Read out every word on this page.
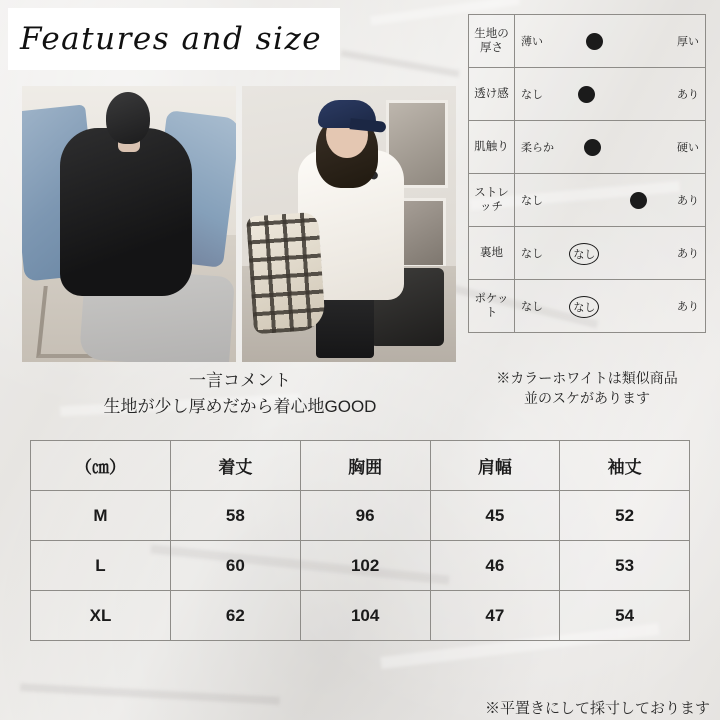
Features and size
一言コメント
生地が少し厚めだから着心地GOOD
生地の
厚さ	薄い	厚い

透け感	なし あり

肌触り	柔らか 硬い

ストレ
ッチ	なし	あり

裏地	なし なし あり

ポケッ
ト	なし	なし	あり
※カラーホワイトは類似商品
並のスケがあります
（㎝）	着丈	胸囲	肩幅	袖丈
M	58	96	45	52
L	60	102	46	53
XL	62	104	47	54
※平置きにして採寸しております
